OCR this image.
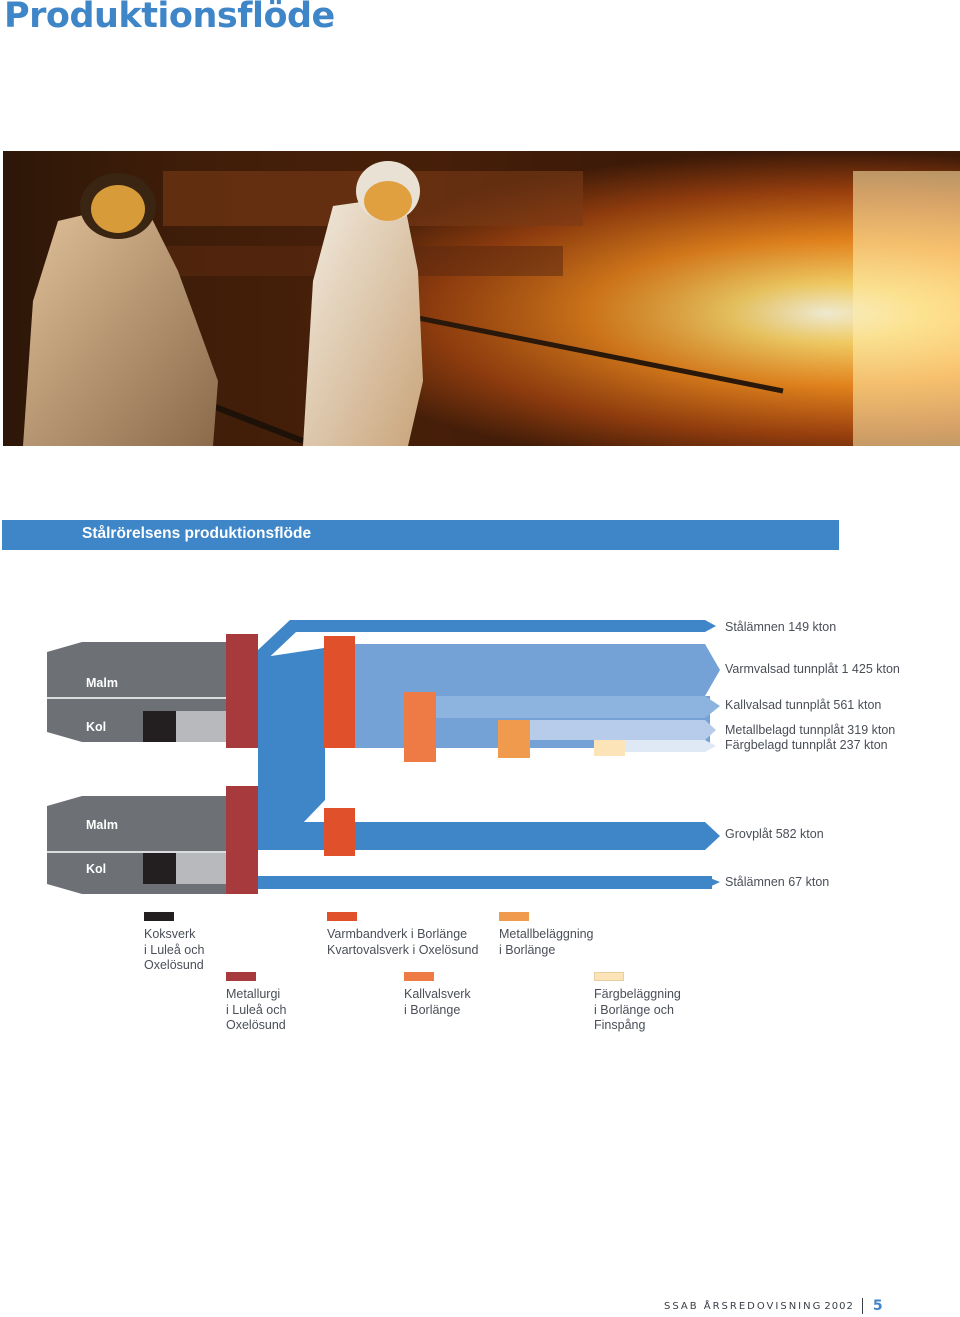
Produktionsflöde
Stålrörelsens produktionsflöde
Malm
Kol
Malm
Kol
Stålämnen 149 kton
Varmvalsad tunnplåt 1 425 kton
Kallvalsad tunnplåt 561 kton
Metallbelagd tunnplåt 319 kton
Färgbelagd tunnplåt 237 kton
Grovplåt 582 kton
Stålämnen 67 kton
Koksverk
i Luleå och
Oxelösund
Varmbandverk i Borlänge
Kvartovalsverk i Oxelösund
Metallbeläggning
i Borlänge
Metallurgi
i Luleå och
Oxelösund
Kallvalsverk
i Borlänge
Färgbeläggning
i Borlänge och
Finspång
SSAB ÅRSREDOVISNING 2002 5
